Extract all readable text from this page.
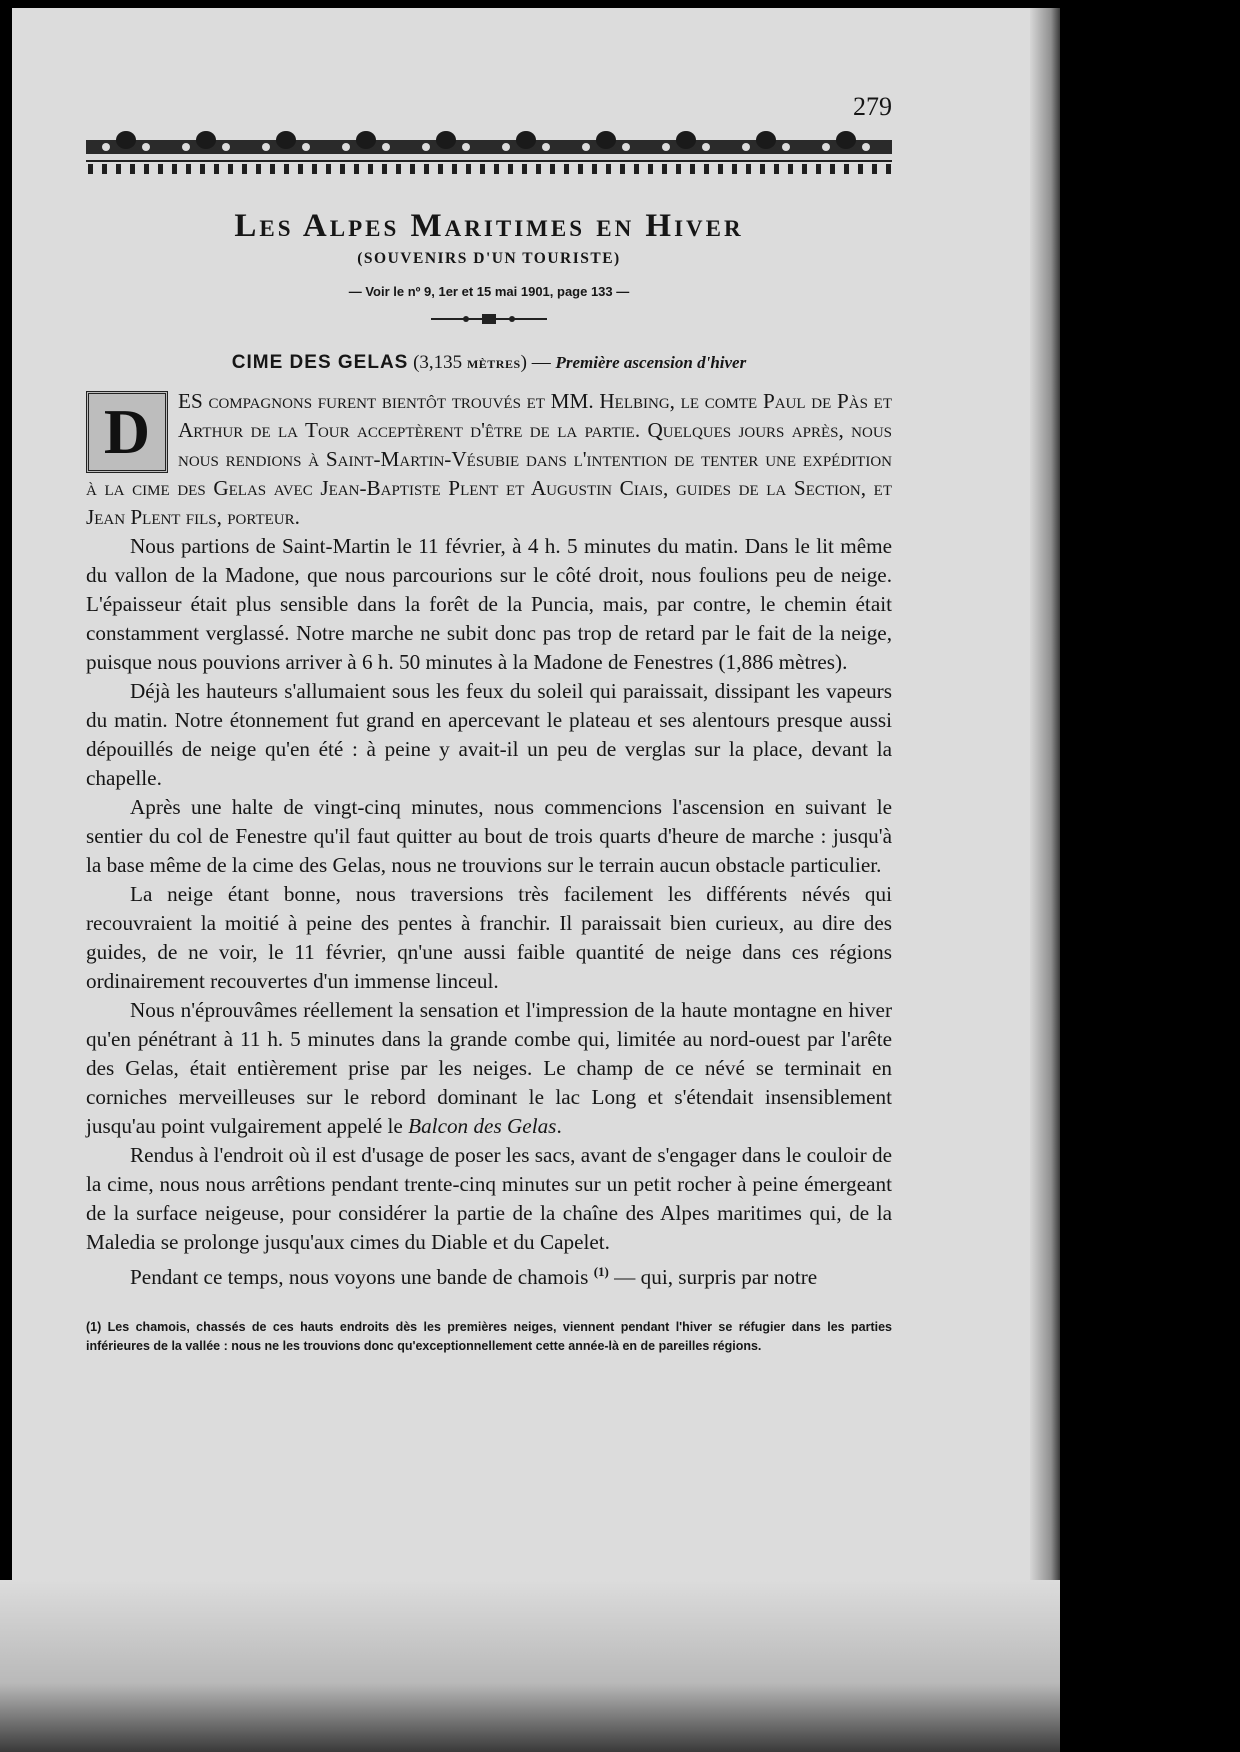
279
Les Alpes Maritimes en Hiver
(SOUVENIRS D'UN TOURISTE)
— Voir le nº 9, 1er et 15 mai 1901, page 133 —
CIME DES GELAS (3,135 MÈTRES) — Première ascension d'hiver

D	ES compagnons furent bientôt trouvés et MM. Helbing, le comte Paul de Pàs et Arthur de la Tour acceptèrent d'être de la partie. Quelques jours après, nous nous rendions à Saint-Martin-Vésubie dans l'intention de tenter une expédition à la cime des Gelas avec Jean-Baptiste Plent et Augustin Ciais, guides de la Section, et Jean Plent fils, porteur.

Nous partions de Saint-Martin le 11 février, à 4 h. 5 minutes du matin. Dans le lit même du vallon de la Madone, que nous parcourions sur le côté droit, nous foulions peu de neige. L'épaisseur était plus sensible dans la forêt de la Puncia, mais, par contre, le chemin était constamment verglassé. Notre marche ne subit donc pas trop de retard par le fait de la neige, puisque nous pouvions arriver à 6 h. 50 minutes à la Madone de Fenestres (1,886 mètres).

Déjà les hauteurs s'allumaient sous les feux du soleil qui paraissait, dissipant les vapeurs du matin. Notre étonnement fut grand en apercevant le plateau et ses alentours presque aussi dépouillés de neige qu'en été : à peine y avait-il un peu de verglas sur la place, devant la chapelle.

Après une halte de vingt-cinq minutes, nous commencions l'ascension en suivant le sentier du col de Fenestre qu'il faut quitter au bout de trois quarts d'heure de marche : jusqu'à la base même de la cime des Gelas, nous ne trouvions sur le terrain aucun obstacle particulier.

La neige étant bonne, nous traversions très facilement les différents névés qui recouvraient la moitié à peine des pentes à franchir. Il paraissait bien curieux, au dire des guides, de ne voir, le 11 février, qn'une aussi faible quantité de neige dans ces régions ordinairement recouvertes d'un immense linceul.

Nous n'éprouvâmes réellement la sensation et l'impression de la haute montagne en hiver qu'en pénétrant à 11 h. 5 minutes dans la grande combe qui, limitée au nord-ouest par l'arête des Gelas, était entièrement prise par les neiges. Le champ de ce névé se terminait en corniches merveilleuses sur le rebord dominant le lac Long et s'étendait insensiblement jusqu'au point vulgairement appelé le Balcon des Gelas.

Rendus à l'endroit où il est d'usage de poser les sacs, avant de s'engager dans le couloir de la cime, nous nous arrêtions pendant trente-cinq minutes sur un petit rocher à peine émergeant de la surface neigeuse, pour considérer la partie de la chaîne des Alpes maritimes qui, de la Maledia se prolonge jusqu'aux cimes du Diable et du Capelet.

Pendant ce temps, nous voyons une bande de chamois $^{(1)}$ — qui, surpris par notre

(1) Les chamois, chassés de ces hauts endroits dès les premières neiges, viennent pendant l'hiver se réfugier dans les parties inférieures de la vallée : nous ne les trouvions donc qu'exceptionnellement cette année-là en de pareilles régions.
